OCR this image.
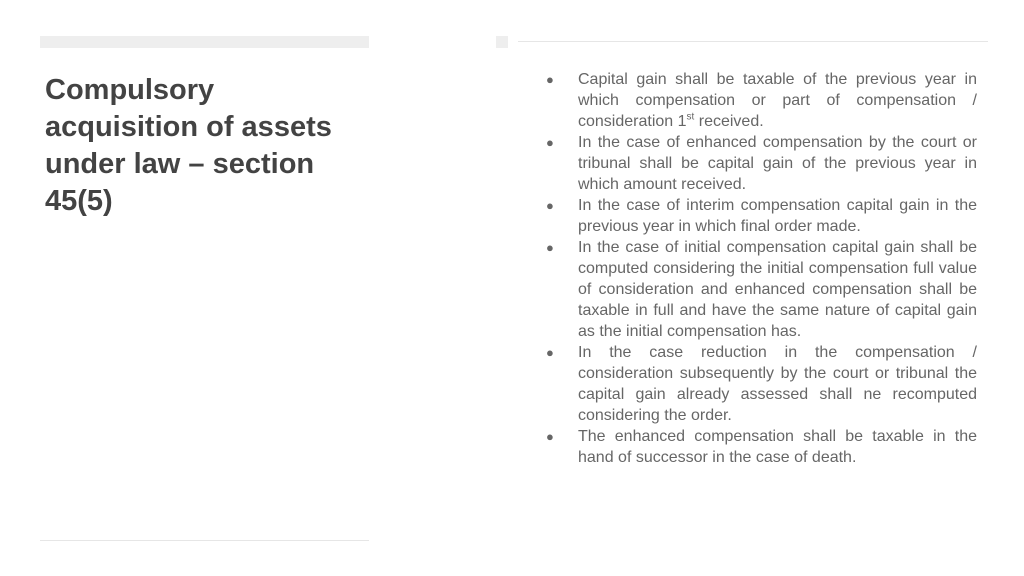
Compulsory acquisition of assets under law – section 45(5)
● Capital gain shall be taxable of the previous year in which compensation or part of compensation / consideration 1st received.
● In the case of enhanced compensation by the court or tribunal shall be capital gain of the previous year in which amount received.
● In the case of interim compensation capital gain in the previous year in which final order made.
● In the case of initial compensation capital gain shall be computed considering the initial compensation full value of consideration and enhanced compensation shall be taxable in full and have the same nature of capital gain as the initial compensation has.
● In the case reduction in the compensation / consideration subsequently by the court or tribunal the capital gain already assessed shall ne recomputed considering the order.
● The enhanced compensation shall be taxable in the hand of successor in the case of death.
